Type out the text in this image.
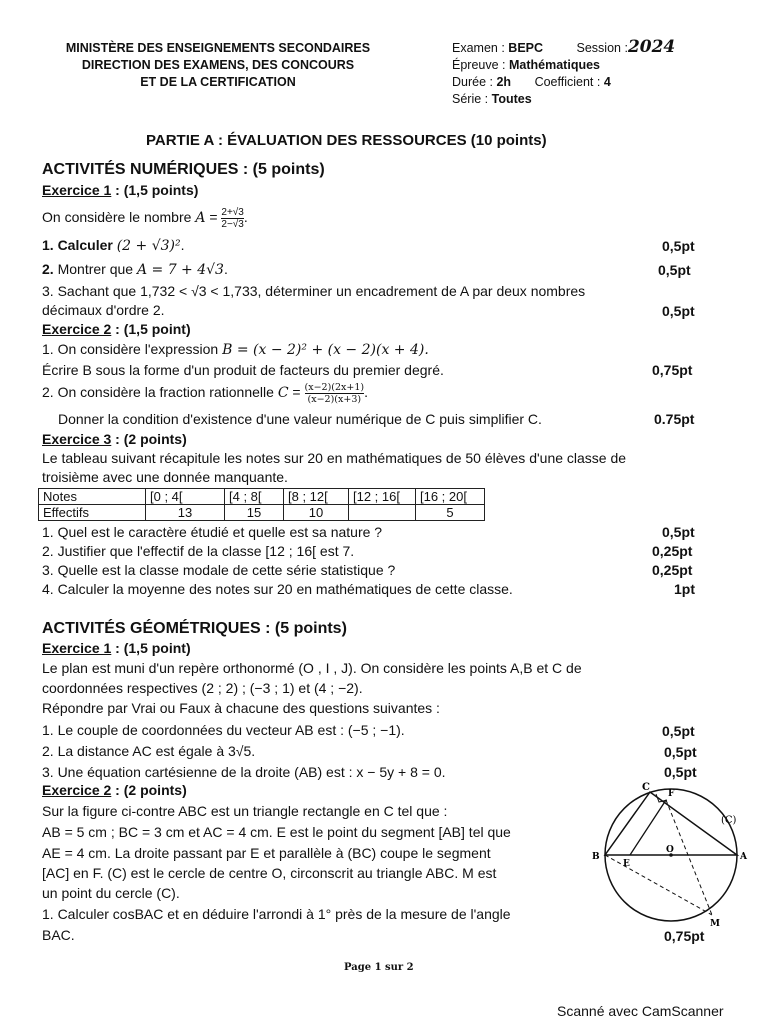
MINISTÈRE DES ENSEIGNEMENTS SECONDAIRES
DIRECTION DES EXAMENS, DES CONCOURS
ET DE LA CERTIFICATION
Examen : BEPC	Session :2024
Épreuve : Mathématiques
Durée : 2h Coefficient : 4
Série : Toutes
PARTIE A : ÉVALUATION DES RESSOURCES (10 points)
ACTIVITÉS NUMÉRIQUES : (5 points)
Exercice 1 : (1,5 points)
On considère le nombre $A = \frac{2+√3}{2-√3}$ .
1. Calculer (2 + √3)².	0,5pt
2. Montrer que A = 7 + 4√3.	0,5pt
3. Sachant que 1,732 < √3 < 1,733, déterminer un encadrement de A par deux nombres
décimaux d'ordre 2.	0,5pt
Exercice 2 : (1,5 point)
1. On considère l'expression B = (x − 2)² + (x − 2)(x + 4).
Écrire B sous la forme d'un produit de facteurs du premier degré.	0,75pt
2. On considère la fraction rationnelle $C = \frac{(x-2)(2x+1)}{(x-2)(x+3)}$ .
Donner la condition d'existence d'une valeur numérique de C puis simplifier C.	0.75pt
Exercice 3 : (2 points)
Le tableau suivant récapitule les notes sur 20 en mathématiques de 50 élèves d'une classe de
troisième avec une donnée manquante.
Notes	[0 ; 4[	[4 ; 8[	[8 ; 12[	[12 ; 16[	[16 ; 20[
Effectifs	13	15	10		5
1. Quel est le caractère étudié et quelle est sa nature ?	0,5pt
2. Justifier que l'effectif de la classe [12 ; 16[ est 7.	0,25pt
3. Quelle est la classe modale de cette série statistique ?	0,25pt
4. Calculer la moyenne des notes sur 20 en mathématiques de cette classe.	1pt
ACTIVITÉS GÉOMÉTRIQUES : (5 points)
Exercice 1 : (1,5 point)
Le plan est muni d'un repère orthonormé (O , I , J). On considère les points A,B et C de
coordonnées respectives (2 ; 2) ; (−3 ; 1) et (4 ; −2).
Répondre par Vrai ou Faux à chacune des questions suivantes :
1. Le couple de coordonnées du vecteur AB est : (−5 ; −1).	0,5pt
2. La distance AC est égale à 3√5.	0,5pt
3. Une équation cartésienne de la droite (AB) est : x − 5y + 8 = 0.	0,5pt
Exercice 2 : (2 points)
Sur la figure ci-contre ABC est un triangle rectangle en C tel que :
AB = 5 cm ; BC = 3 cm et AC = 4 cm. E est le point du segment [AB] tel que
AE = 4 cm. La droite passant par E et parallèle à (BC) coupe le segment
[AC] en F. (C) est le cercle de centre O, circonscrit au triangle ABC. M est
un point du cercle (C).
1. Calculer cosBAC et en déduire l'arrondi à 1° près de la mesure de l'angle
BAC.	0,75pt
C
F
(C)
B
E
O
A
M
Page 1 sur 2
Scanné avec CamScanner
